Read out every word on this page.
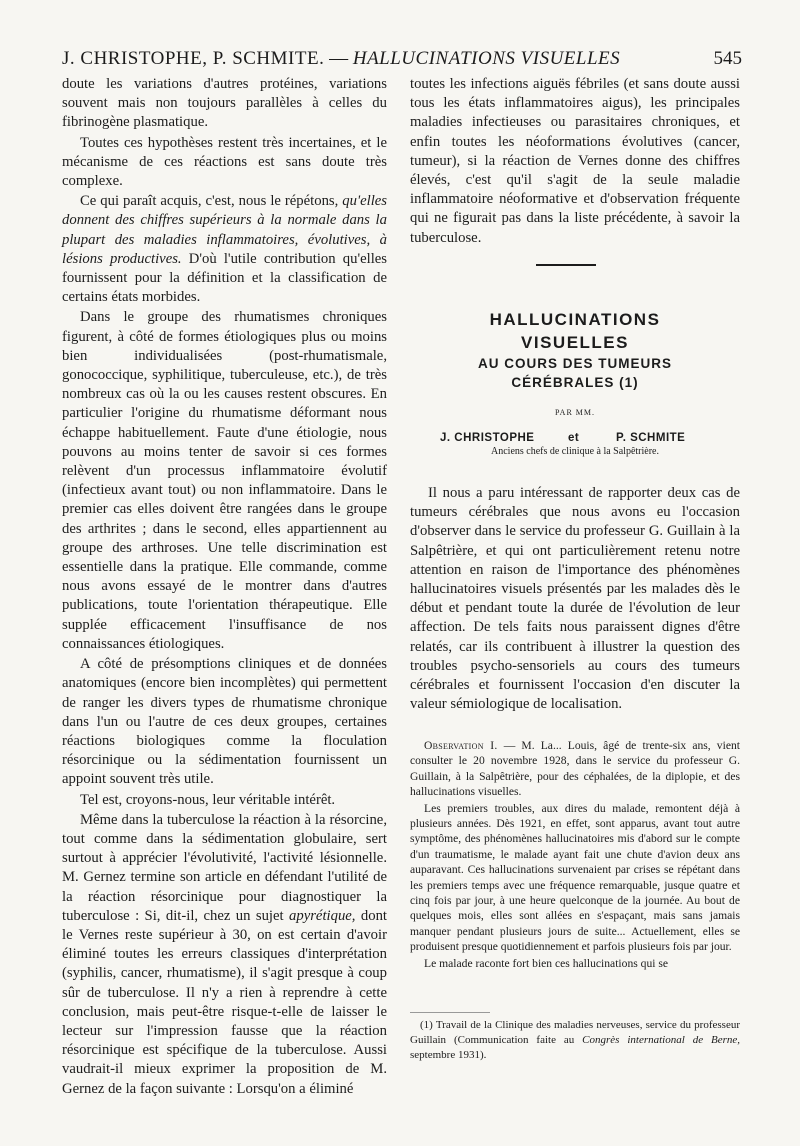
J. CHRISTOPHE, P. SCHMITE. — HALLUCINATIONS VISUELLES	545

doute les variations d'autres protéines, variations souvent mais non toujours parallèles à celles du fibrinogène plasmatique.

Toutes ces hypothèses restent très incertaines, et le mécanisme de ces réactions est sans doute très complexe.

Ce qui paraît acquis, c'est, nous le répétons, qu'elles donnent des chiffres supérieurs à la normale dans la plupart des maladies inflammatoires, évolutives, à lésions productives. D'où l'utile contribution qu'elles fournissent pour la définition et la classification de certains états morbides.

Dans le groupe des rhumatismes chroniques figurent, à côté de formes étiologiques plus ou moins bien individualisées (post-rhumatismale, gonococcique, syphilitique, tuberculeuse, etc.), de très nombreux cas où la ou les causes restent obscures. En particulier l'origine du rhumatisme déformant nous échappe habituellement. Faute d'une étiologie, nous pouvons au moins tenter de savoir si ces formes relèvent d'un processus inflammatoire évolutif (infectieux avant tout) ou non inflammatoire. Dans le premier cas elles doivent être rangées dans le groupe des arthrites ; dans le second, elles appartiennent au groupe des arthroses. Une telle discrimination est essentielle dans la pratique. Elle commande, comme nous avons essayé de le montrer dans d'autres publications, toute l'orientation thérapeutique. Elle supplée efficacement l'insuffisance de nos connaissances étiologiques.

A côté de présomptions cliniques et de données anatomiques (encore bien incomplètes) qui permettent de ranger les divers types de rhumatisme chronique dans l'un ou l'autre de ces deux groupes, certaines réactions biologiques comme la floculation résorcinique ou la sédimentation fournissent un appoint souvent très utile.

Tel est, croyons-nous, leur véritable intérêt.

Même dans la tuberculose la réaction à la résorcine, tout comme dans la sédimentation globulaire, sert surtout à apprécier l'évolutivité, l'activité lésionnelle. M. Gernez termine son article en défendant l'utilité de la réaction résorcinique pour diagnostiquer la tuberculose : Si, dit-il, chez un sujet apyrétique, dont le Vernes reste supérieur à 30, on est certain d'avoir éliminé toutes les erreurs classiques d'interprétation (syphilis, cancer, rhumatisme), il s'agit presque à coup sûr de tuberculose. Il n'y a rien à reprendre à cette conclusion, mais peut-être risque-t-elle de laisser le lecteur sur l'impression fausse que la réaction résorcinique est spécifique de la tuberculose. Aussi vaudrait-il mieux exprimer la proposition de M. Gernez de la façon suivante : Lorsqu'on a éliminé

toutes les infections aiguës fébriles (et sans doute aussi tous les états inflammatoires aigus), les principales maladies infectieuses ou parasitaires chroniques, et enfin toutes les néoformations évolutives (cancer, tumeur), si la réaction de Vernes donne des chiffres élevés, c'est qu'il s'agit de la seule maladie inflammatoire néoformative et d'observation fréquente qui ne figurait pas dans la liste précédente, à savoir la tuberculose.

HALLUCINATIONS
VISUELLES
AU COURS DES TUMEURS
CÉRÉBRALES (1)
PAR MM.
J. CHRISTOPHE	et	P. SCHMITE
Anciens chefs de clinique à la Salpêtrière.

Il nous a paru intéressant de rapporter deux cas de tumeurs cérébrales que nous avons eu l'occasion d'observer dans le service du professeur G. Guillain à la Salpêtrière, et qui ont particulièrement retenu notre attention en raison de l'importance des phénomènes hallucinatoires visuels présentés par les malades dès le début et pendant toute la durée de l'évolution de leur affection. De tels faits nous paraissent dignes d'être relatés, car ils contribuent à illustrer la question des troubles psycho-sensoriels au cours des tumeurs cérébrales et fournissent l'occasion d'en discuter la valeur sémiologique de localisation.

Observation I. — M. La... Louis, âgé de trente-six ans, vient consulter le 20 novembre 1928, dans le service du professeur G. Guillain, à la Salpêtrière, pour des céphalées, de la diplopie, et des hallucinations visuelles.

Les premiers troubles, aux dires du malade, remontent déjà à plusieurs années. Dès 1921, en effet, sont apparus, avant tout autre symptôme, des phénomènes hallucinatoires mis d'abord sur le compte d'un traumatisme, le malade ayant fait une chute d'avion deux ans auparavant. Ces hallucinations survenaient par crises se répétant dans les premiers temps avec une fréquence remarquable, jusque quatre et cinq fois par jour, à une heure quelconque de la journée. Au bout de quelques mois, elles sont allées en s'espaçant, mais sans jamais manquer pendant plusieurs jours de suite... Actuellement, elles se produisent presque quotidiennement et parfois plusieurs fois par jour.

Le malade raconte fort bien ces hallucinations qui se

(1) Travail de la Clinique des maladies nerveuses, service du professeur Guillain (Communication faite au Congrès international de Berne, septembre 1931).
